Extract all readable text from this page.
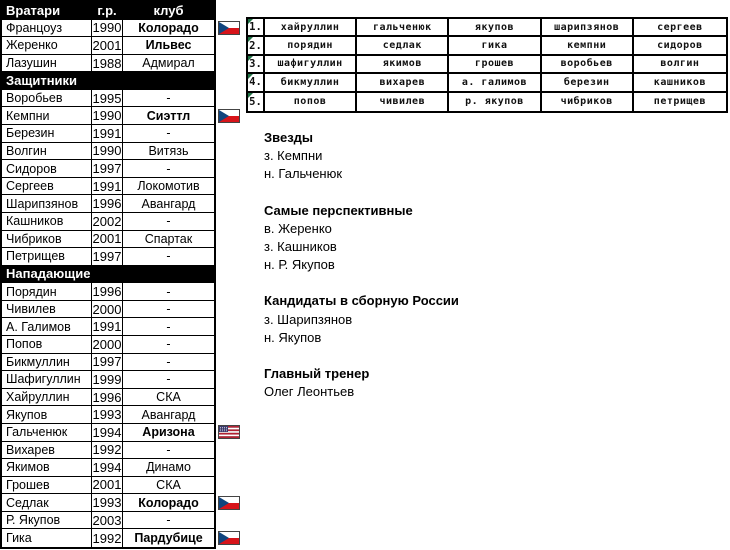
Вратари	г.р.	клуб
Францоуз	1990	Колорадо
Жеренко	2001	Ильвес
Лазушин	1988	Адмирал
Защитники
Воробьев	1995	-
Кемпни	1990	Сиэттл
Березин	1991	-
Волгин	1990	Витязь
Сидоров	1997	-
Сергеев	1991	Локомотив
Шарипзянов	1996	Авангард
Кашников	2002	-
Чибриков	2001	Спартак
Петрищев	1997	-
Нападающие
Порядин	1996	-
Чивилев	2000	-
А. Галимов	1991	-
Попов	2000	-
Бикмуллин	1997	-
Шафигуллин 1999	-
Хайруллин	1996	СКА
Якупов	1993	Авангард
Гальченюк	1994	Аризона
Вихарев	1992	-
Якимов	1994	Динамо
Грошев	2001	СКА
Седлак	1993	Колорадо
Р. Якупов	2003	-
Гика	1992	Пардубице
1.	хайруллин	гальченюк	якупов	шарипзянов	сергеев
2.	порядин	седлак	гика	кемпни	сидоров
3.	шафигуллин	якимов	грошев	воробьев	волгин
4.	бикмуллин	вихарев	а. галимов	березин	кашников
5.	попов	чивилев	р. якупов	чибриков	петрищев
Звезды
з. Кемпни
н. Гальченюк
Самые перспективные
в. Жеренко
з. Кашников
н. Р. Якупов
Кандидаты в сборную России
з. Шарипзянов
н. Якупов
Главный тренер
Олег Леонтьев
